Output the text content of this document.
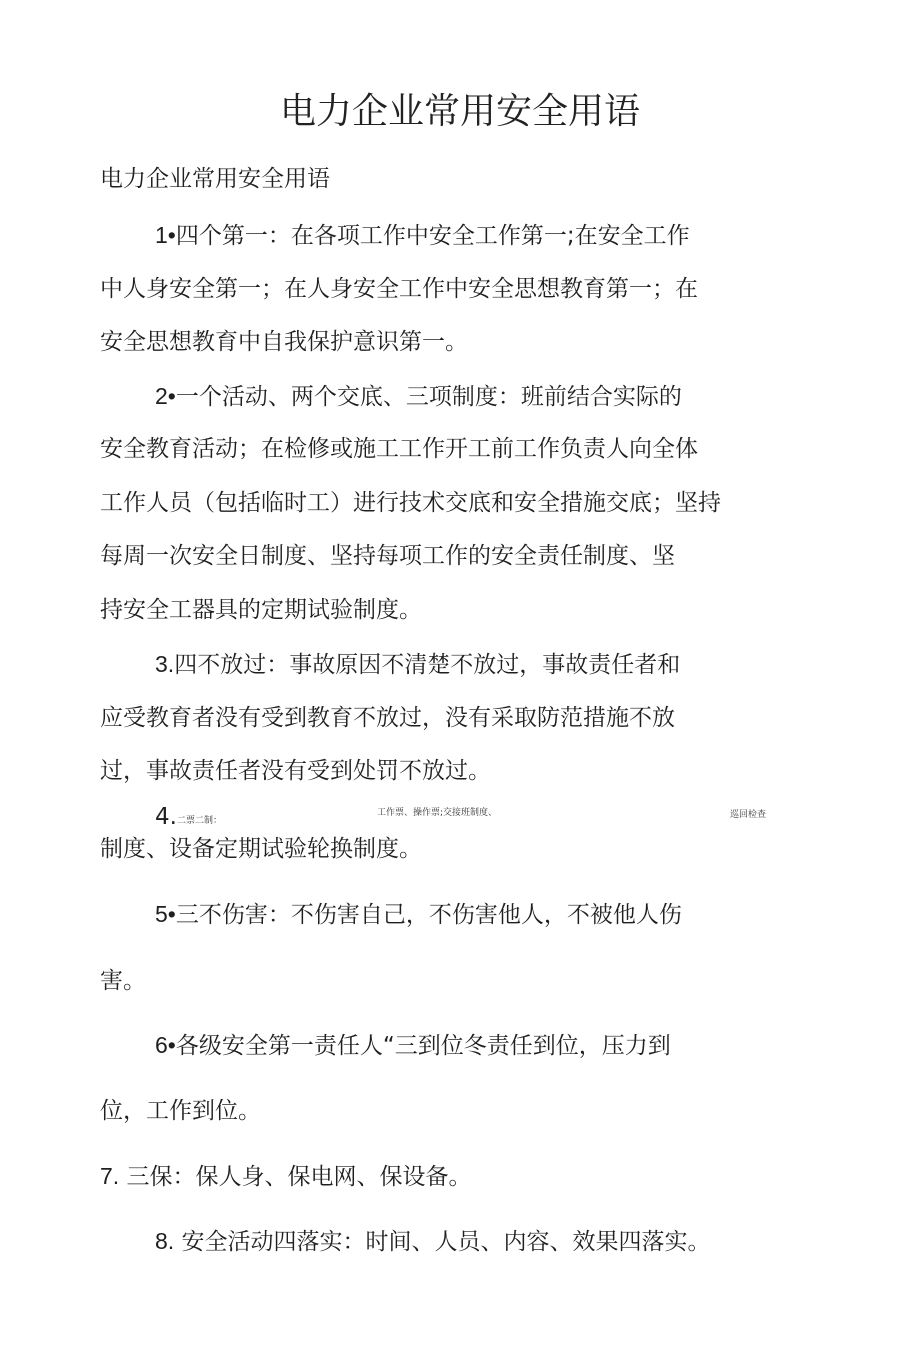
电力企业常用安全用语
电力企业常用安全用语
1•四个第一：在各项工作中安全工作第一;在安全工作
中人身安全第一；在人身安全工作中安全思想教育第一；在
安全思想教育中自我保护意识第一。
2•一个活动、两个交底、三项制度：班前结合实际的
安全教育活动；在检修或施工工作开工前工作负责人向全体
工作人员（包括临时工）进行技术交底和安全措施交底；坚持
每周一次安全日制度、坚持每项工作的安全责任制度、坚
持安全工器具的定期试验制度。
3.四不放过：事故原因不清楚不放过，事故责任者和
应受教育者没有受到教育不放过，没有采取防范措施不放
过，事故责任者没有受到处罚不放过。
4. 二票二制：
工作票、操作票;交接班制度、	巡回检查
制度、设备定期试验轮换制度。
5•三不伤害：不伤害自己，不伤害他人，不被他人伤
害。
6•各级安全第一责任人“三到位冬责任到位，压力到
位，工作到位。
7. 三保：保人身、保电网、保设备。
8. 安全活动四落实：时间、人员、内容、效果四落实。
